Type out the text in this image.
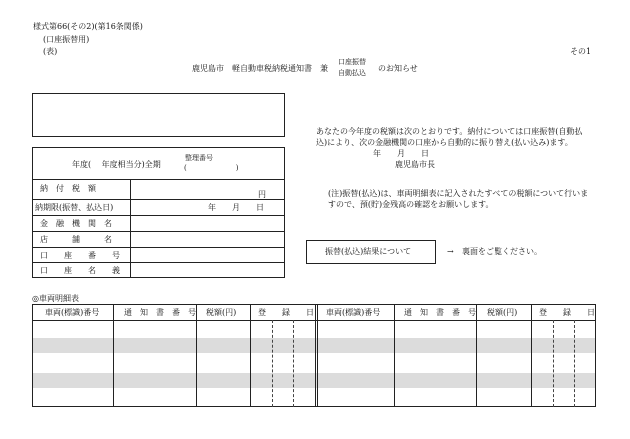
様式第66(その2)(第16条関係)
(口座振替用)
(表)	その1
鹿児島市　軽自動車税納税通知書　兼
口座振替
自動払込 のお知らせ
年度(　 年度相当分)全期
整理番号
(　　　　　　　)
納　付　税　額
円
納期限(振替、払込日)	年　　月　　日
金　融　機　関　名
店　　　舗　　　名
口　　座　　番　　号
口　　座　　名　　義
あなたの今年度の税額は次のとおりです。納付については口座振替(自動払
込)により、次の金融機関の口座から自動的に振り替え(払い込み)ます。
年　　月　　日
鹿児島市長
(注)振替(払込)は、車両明細表に記入されたすべての税額について行いま
すので、預(貯)金残高の確認をお願いします。
振替(払込)結果について	→ 裏面をご覧ください。
◎車両明細表
車両(標識)番号	通　知　書　番　号 税額(円)	登　　録　　日 車両(標識)番号	通　知　書　番　号 税額(円)	登　　録　　日
